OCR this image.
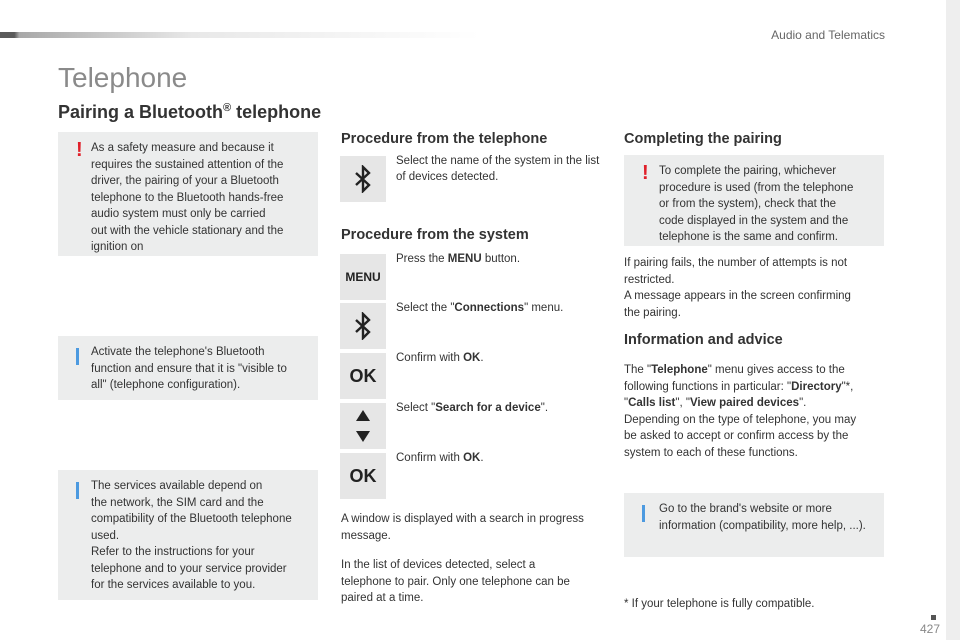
Audio and Telematics
Telephone
Pairing a Bluetooth® telephone
! As a safety measure and because it
requires the sustained attention of the
driver, the pairing of your a Bluetooth
telephone to the Bluetooth hands-free
audio system must only be carried
out with the vehicle stationary and the
ignition on

Activate the telephone's Bluetooth
function and ensure that it is "visible to
all" (telephone configuration).

The services available depend on
the network, the SIM card and the
compatibility of the Bluetooth telephone
used.
Refer to the instructions for your
telephone and to your service provider
for the services available to you.

Procedure from the telephone
Select the name of the system in the list of devices detected.
Procedure from the system
MENU
Press the MENU button.
Select the "Connections" menu.
OK
Confirm with OK.
Select "Search for a device".
OK
Confirm with OK.
A window is displayed with a search in progress
message.
In the list of devices detected, select a
telephone to pair. Only one telephone can be
paired at a time.
Completing the pairing
! To complete the pairing, whichever
procedure is used (from the telephone
or from the system), check that the
code displayed in the system and the
telephone is the same and confirm.

If pairing fails, the number of attempts is not
restricted.
A message appears in the screen confirming
the pairing.
Information and advice
The "Telephone" menu gives access to the
following functions in particular: "Directory"*,
"Calls list", "View paired devices".
Depending on the type of telephone, you may
be asked to accept or confirm access by the
system to each of these functions.

Go to the brand's website or more
information (compatibility, more help, ...).

* If your telephone is fully compatible.
427
